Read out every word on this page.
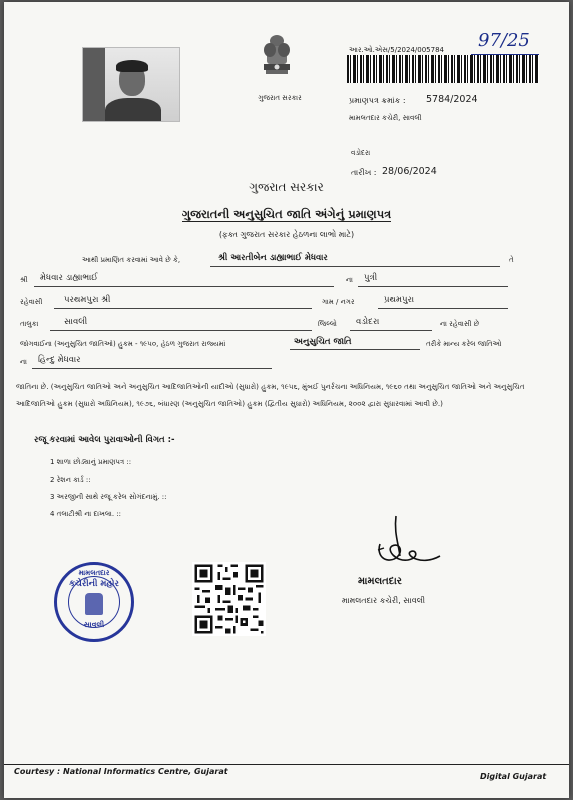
ગુજરાત સરકાર
આર.ઓ.એસ/5/2024/005784 97/25
પ્રમાણપત્ર ક્રમાંક : 5784/2024
મામલતદાર કચેરી, સાવલી
વડોદરા
તારીખ : 28/06/2024
ગુજરાત સરકાર
ગુજરાતની અનુસુચિત જાતિ અંગેનું પ્રમાણપત્ર
(ફક્ત ગુજરાત સરકાર હેઠળના લાભો માટે)
આથી પ્રમાણિત કરવામાં આવે છે કે,	શ્રી આરતીબેન ડાહ્યાભાઈ મેધવાર	તે
શ્રી મેધવાર ડાહ્યાભાઈ	ના પુત્રી
રહેવાસી	પરથમપુરા શ્રી	ગામ / નગર	પ્રથમપુરા
તાલુકા	સાવલી	જિલ્લો વડોદરા	ના રહેવાસી છે
જોગવાઈના (અનુસુચિત જાતિઓ) હુકમ - ૧૯૫૦, હેઠળ ગુજરાત રાજ્યમાં	અનુસુચિત જાતિ	તરીકે માન્ય કરેલ જાતિઓ
ના હિન્દુ મેધવાર
જાતિના છે. (અનુસુચિત જાતિઓ અને અનુસુચિત આદિજાતિઓની યાદીઓ (સુધારો) હુકમ, ૧૯૫૬, મુંબઈ પુનર્રચના અધિનિયમ, ૧૯૬૦ તથા અનુસુચિત જાતિઓ અને અનુસુચિત આદિજાતિઓ હુકમ (સુધારો અધિનિયમ), ૧૯૭૬, બંધારણ (અનુસુચિત જાતિઓ) હુકમ (દ્વિતીય સુધારો) અધિનિયમ, ૨૦૦૨ દ્વારા સુધારવામાં આવી છે.)
રજૂ કરવામાં આવેલ પુરાવાઓની વિગત :-
1 શાળા છોડ્યાનું પ્રમાણપત્ર ::
2 રેશન કાર્ડ ::
3 અરજીની સાથે રજૂ કરેલ સોગંદનામું. ::
4 તલાટીશ્રી ના દાખલા. ::
મામલતદાર
કચેરીની મહોર
સાવલી
મામલતદાર
મામલતદાર કચેરી, સાવલી
Courtesy : National Informatics Centre, Gujarat
Digital Gujarat
